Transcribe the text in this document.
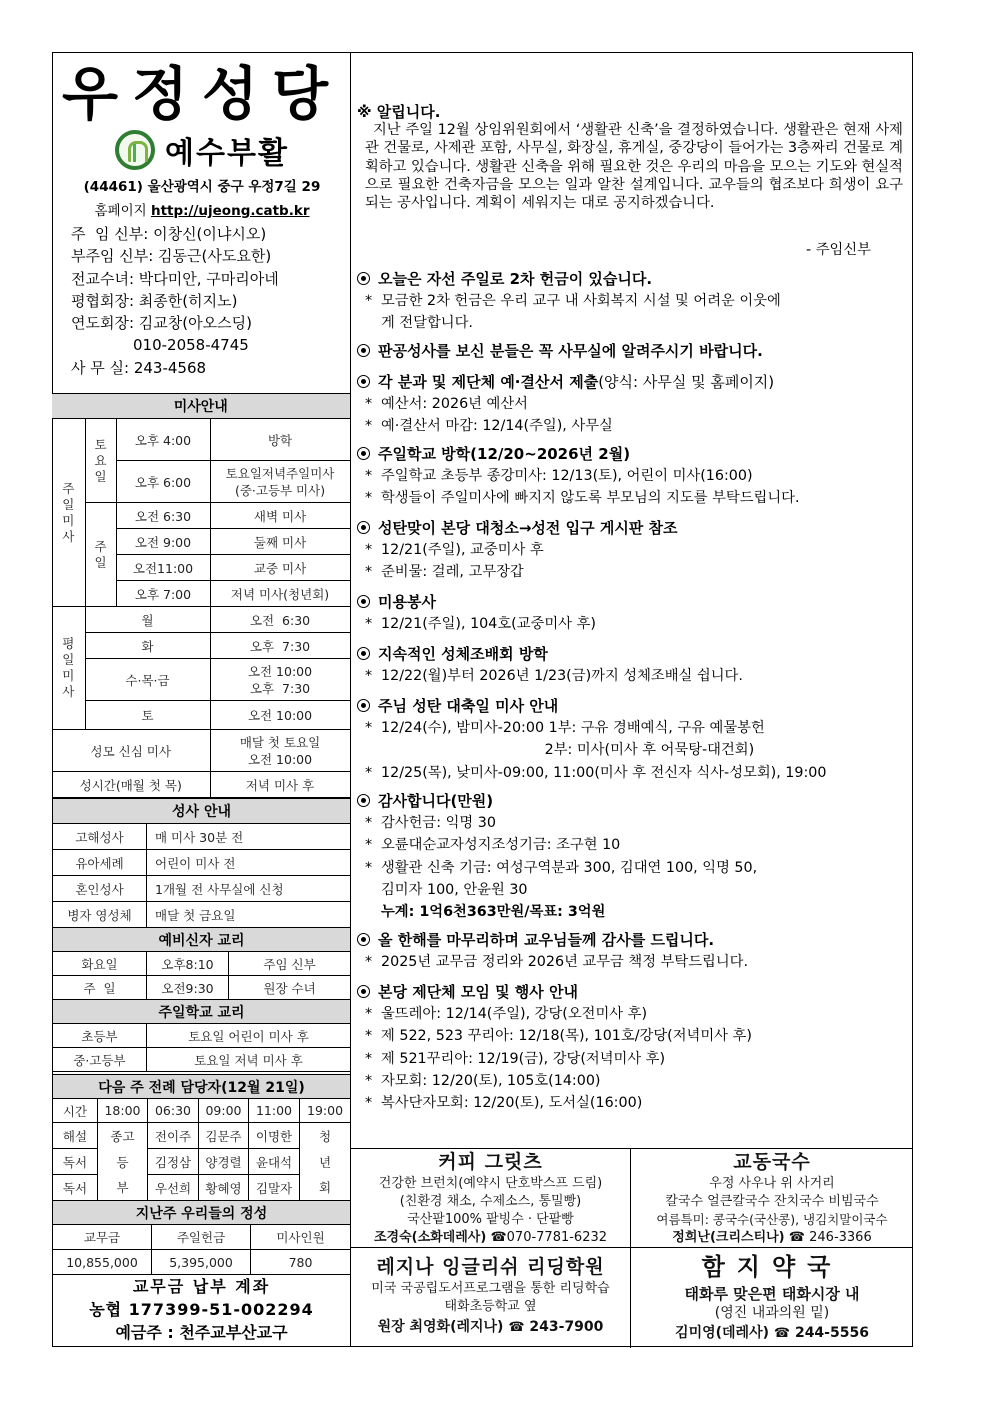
우정성당
예수부활
(44461) 울산광역시 중구 우정7길 29
홈페이지 http://ujeong.catb.kr
주  임 신부: 이창신(이냐시오)
부주임 신부: 김동근(사도요한)
전교수녀: 박다미안, 구마리아네
평협회장: 최종한(히지노)
연도회장: 김교창(아오스딩)
010-2058-4745
사 무 실: 243-4568
미사안내			
주일미사	토요일	오후 4:00	방학
		오후 6:00	토요일저녁주일미사
(중·고등부 미사)

	주일	오전 6:30	새벽 미사
		오전 9:00	둘째 미사
		오전11:00	교중 미사
		오후 7:00	저녁 미사(청년회)
평일미사	월		오전  6:30
	화		오후  7:30
	수·목·금		오전 10:00
오후  7:30

	토		오전 10:00
성모 신심 미사			매달 첫 토요일
오전 10:00

성시간(매월 첫 목)			저녁 미사 후
성사 안내		
고해성사	매 미사 30분 전	
유아세례	어린이 미사 전	
혼인성사	1개월 전 사무실에 신청	
병자 영성체	매달 첫 금요일	
예비신자 교리		
화요일	오후8:10	주임 신부
주  일	오전9:30	원장 수녀
주일학교 교리		
초등부	토요일 어린이 미사 후	
중·고등부	토요일 저녁 미사 후	
다음 주 전례 담당자(12월 21일)					
시간	18:00	06:30	09:00	11:00	19:00
해설	종고	전이주	김문주	이명한	청
독서	등	김정삼	양경렬	윤대석	년
독서	부	우선희	황혜영	김말자	회
지난주 우리들의 정성		
교무금	주일헌금	미사인원
10,855,000	5,395,000	780
교무금 납부 계좌
농협 177399-51-002294
예금주 : 천주교부산교구
※ 알립니다.
지난 주일 12월 상임위원회에서 ‘생활관 신축’을 결정하였습니다. 생활관은 현재 사제관 건물로, 사제관 포함, 사무실, 화장실, 휴게실, 중강당이 들어가는 3층짜리 건물로 계획하고 있습니다. 생활관 신축을 위해 필요한 것은 우리의 마음을 모으는 기도와 현실적으로 필요한 건축자금을 모으는 일과 알찬 설계입니다. 교우들의 협조보다 희생이 요구되는 공사입니다. 계획이 세워지는 대로 공지하겠습니다.
- 주임신부
오늘은 자선 주일로 2차 헌금이 있습니다.
* 모금한 2차 헌금은 우리 교구 내 사회복지 시설 및 어려운 이웃에
게 전달합니다.
판공성사를 보신 분들은 꼭 사무실에 알려주시기 바랍니다.
각 분과 및 제단체 예·결산서 제출(양식: 사무실 및 홈페이지)
* 예산서: 2026년 예산서
* 예·결산서 마감: 12/14(주일), 사무실
주일학교 방학(12/20~2026년 2월)
* 주일학교 초등부 종강미사: 12/13(토), 어린이 미사(16:00)
* 학생들이 주일미사에 빠지지 않도록 부모님의 지도를 부탁드립니다.
성탄맞이 본당 대청소→성전 입구 게시판 참조
* 12/21(주일), 교중미사 후
* 준비물: 걸레, 고무장갑
미용봉사
* 12/21(주일), 104호(교중미사 후)
지속적인 성체조배회 방학
* 12/22(월)부터 2026년 1/23(금)까지 성체조배실 쉽니다.
주님 성탄 대축일 미사 안내
* 12/24(수), 밤미사-20:00 1부: 구유 경배예식, 구유 예물봉헌
2부: 미사(미사 후 어묵탕-대건회)
* 12/25(목), 낮미사-09:00, 11:00(미사 후 전신자 식사-성모회), 19:00
감사합니다(만원)
* 감사헌금: 익명 30
* 오륜대순교자성지조성기금: 조구현 10
* 생활관 신축 기금: 여성구역분과 300, 김대연 100, 익명 50,
김미자 100, 안윤원 30
누계: 1억6천363만원/목표: 3억원
올 한해를 마무리하며 교우님들께 감사를 드립니다.
* 2025년 교무금 정리와 2026년 교무금 책정 부탁드립니다.
본당 제단체 모임 및 행사 안내
* 울뜨레아: 12/14(주일), 강당(오전미사 후)
* 제 522, 523 꾸리아: 12/18(목), 101호/강당(저녁미사 후)
* 제 521꾸리아: 12/19(금), 강당(저녁미사 후)
* 자모회: 12/20(토), 105호(14:00)
* 복사단자모회: 12/20(토), 도서실(16:00)
커피 그릿츠
건강한 브런치(예약시 단호박스프 드림)
(친환경 채소, 수제소스, 통밀빵)
국산팥100% 팥빙수 · 단팥빵
조경숙(소화데레사) ☎070-7781-6232
교동국수
우정 사우나 위 사거리
칼국수 얼큰칼국수 잔치국수 비빔국수
여름특미: 콩국수(국산콩), 냉김치말이국수
정희난(크리스티나) ☎ 246-3366
레지나 잉글리쉬 리딩학원
미국 국공립도서프로그램을 통한 리딩학습
태화초등학교 옆
원장 최영화(레지나) ☎ 243-7900
함지약국
태화루 맞은편 태화시장 내
(영진 내과의원 밑)
김미영(데레사) ☎ 244-5556
